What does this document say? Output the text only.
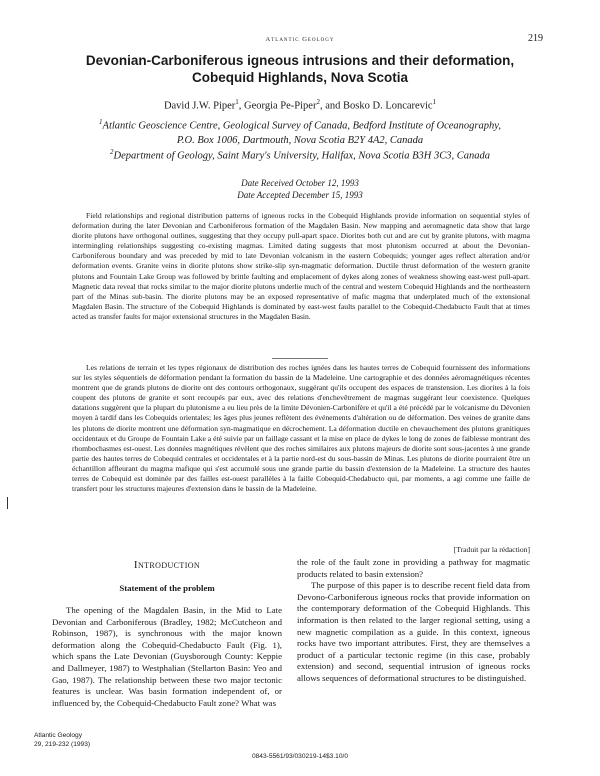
Atlantic Geology	219
Devonian-Carboniferous igneous intrusions and their deformation,
Cobequid Highlands, Nova Scotia
David J.W. Piper$^1$, Georgia Pe-Piper$^2$, and Bosko D. Loncarevic$^1$
$^1$Atlantic Geoscience Centre, Geological Survey of Canada, Bedford Institute of Oceanography,
P.O. Box 1006, Dartmouth, Nova Scotia B2Y 4A2, Canada
$^2$Department of Geology, Saint Mary's University, Halifax, Nova Scotia B3H 3C3, Canada
Date Received October 12, 1993
Date Accepted December 15, 1993

Field relationships and regional distribution patterns of igneous rocks in the Cobequid Highlands provide information on sequential styles of deformation during the later Devonian and Carboniferous formation of the Magdalen Basin. New mapping and aeromagnetic data show that large diorite plutons have orthogonal outlines, suggesting that they occupy pull-apart space. Diorites both cut and are cut by granite plutons, with magma intermingling relationships suggesting co-existing magmas. Limited dating suggests that most plutonism occurred at about the Devonian-Carboniferous boundary and was preceded by mid to late Devonian volcanism in the eastern Cobequids; younger ages reflect alteration and/or deformation events. Granite veins in diorite plutons show strike-slip syn-magmatic deformation. Ductile thrust deformation of the western granite plutons and Fountain Lake Group was followed by brittle faulting and emplacement of dykes along zones of weakness showing east-west pull-apart. Magnetic data reveal that rocks similar to the major diorite plutons underlie much of the central and western Cobequid Highlands and the northeastern part of the Minas sub-basin. The diorite plutons may be an exposed representative of mafic magma that underplated much of the extensional Magdalen Basin. The structure of the Cobequid Highlands is dominated by east-west faults parallel to the Cobequid-Chedabucto Fault that at times acted as transfer faults for major extensional structures in the Magdalen Basin.

Les relations de terrain et les types régionaux de distribution des roches ignées dans les hautes terres de Cobequid fournissent des informations sur les styles séquentiels de déformation pendant la formation du bassin de la Madeleine. Une cartographie et des données aéromagnétiques récentes montrent que de grands plutons de diorite ont des contours orthogonaux, suggérant qu'ils occupent des espaces de transtension. Les diorites à la fois coupent des plutons de granite et sont recoupés par eux, avec des relations d'enchevêtrement de magmas suggérant leur coexistence. Quelques datations suggèrent que la plupart du plutonisme a eu lieu près de la limite Dévonien-Carbonifère et qu'il a été précédé par le volcanisme du Dévonien moyen à tardif dans les Cobequids orientales; les âges plus jeunes reflètent des événements d'altération ou de déformation. Des veines de granite dans les plutons de diorite montrent une déformation syn-magmatique en décrochement. La déformation ductile en chevauchement des plutons granitiques occidentaux et du Groupe de Fountain Lake a été suivie par un faillage cassant et la mise en place de dykes le long de zones de faiblesse montrant des rhombochasmes est-ouest. Les données magnétiques révèlent que des roches similaires aux plutons majeurs de diorite sont sous-jacentes à une grande partie des hautes terres de Cobequid centrales et occidentales et à la partie nord-est du sous-bassin de Minas. Les plutons de diorite pourraient être un échantillon affleurant du magma mafique qui s'est accumulé sous une grande partie du bassin d'extension de la Madeleine. La structure des hautes terres de Cobequid est dominée par des failles est-ouest parallèles à la faille Cobequid-Chedabucto qui, par moments, a agi comme une faille de transfert pour les structures majeures d'extension dans le bassin de la Madeleine.

[Traduit par la rédaction]
Introduction
Statement of the problem

The opening of the Magdalen Basin, in the Mid to Late Devonian and Carboniferous (Bradley, 1982; McCutcheon and Robinson, 1987), is synchronous with the major known deformation along the Cobequid-Chedabucto Fault (Fig. 1), which spans the Late Devonian (Guysborough County: Keppie and Dallmeyer, 1987) to Westphalian (Stellarton Basin: Yeo and Gao, 1987). The relationship between these two major tectonic features is unclear. Was basin formation independent of, or influenced by, the Cobequid-Chedabucto Fault zone? What was

the role of the fault zone in providing a pathway for magmatic products related to basin extension?
The purpose of this paper is to describe recent field data from Devono-Carboniferous igneous rocks that provide information on the contemporary deformation of the Cobequid Highlands. This information is then related to the larger regional setting, using a new magnetic compilation as a guide. In this context, igneous rocks have two important attributes. First, they are themselves a product of a particular tectonic regime (in this case, probably extension) and second, sequential intrusion of igneous rocks allows sequences of deformational structures to be distinguished.
Atlantic Geology
29, 219-232 (1993)
0843-5561/93/030219-14$3.10/0
